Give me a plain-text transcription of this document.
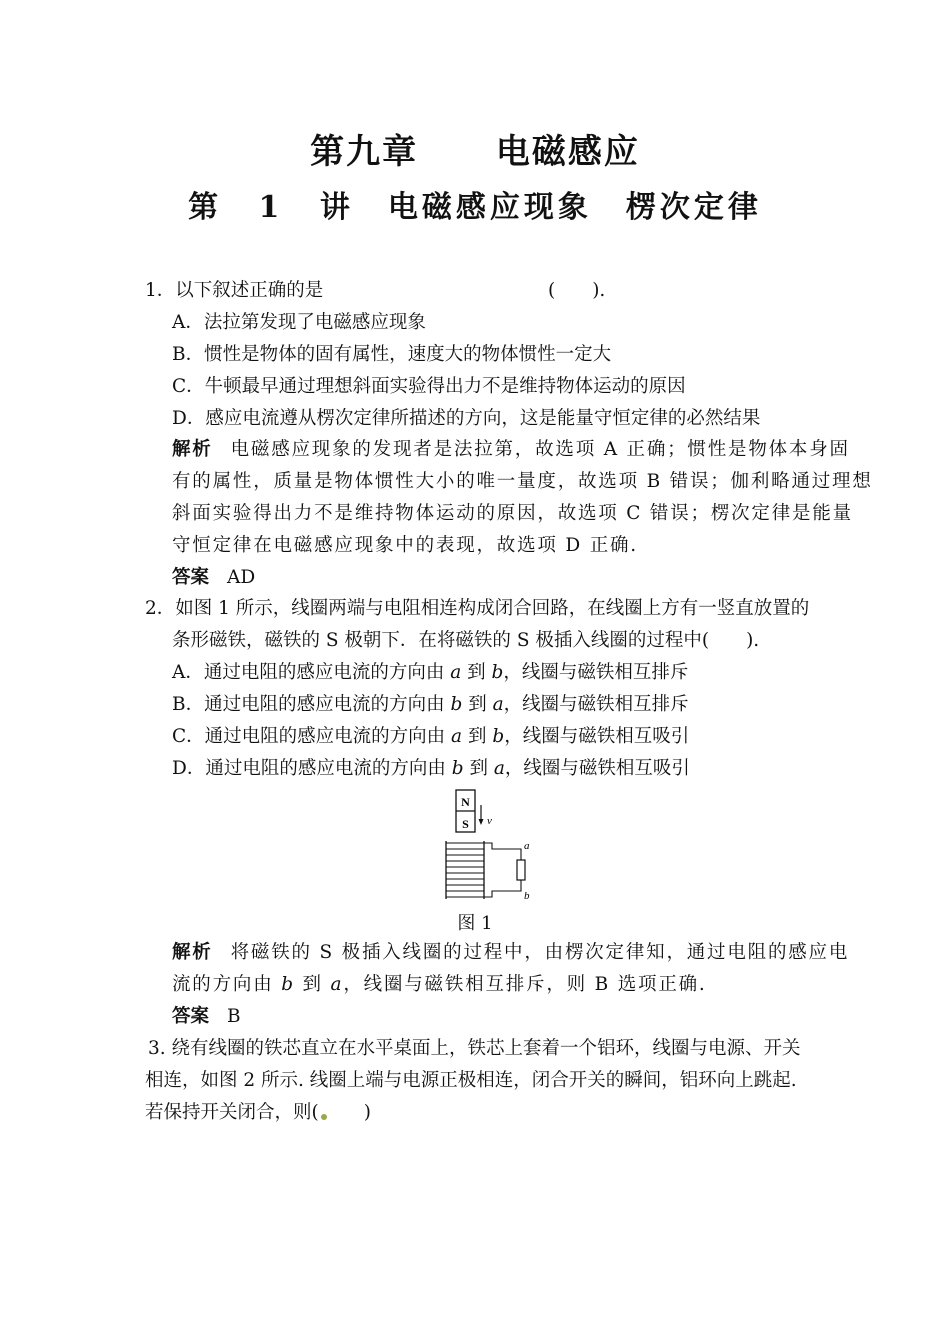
第九章　 电磁感应
第 1 讲　电磁感应现象　楞次定律
1．以下叙述正确的是	(　　).
A．法拉第发现了电磁感应现象
B．惯性是物体的固有属性，速度大的物体惯性一定大
C．牛顿最早通过理想斜面实验得出力不是维持物体运动的原因
D．感应电流遵从楞次定律所描述的方向，这是能量守恒定律的必然结果
解析 电磁感应现象的发现者是法拉第，故选项 A 正确；惯性是物体本身固
有的属性，质量是物体惯性大小的唯一量度，故选项 B 错误；伽利略通过理想
斜面实验得出力不是维持物体运动的原因，故选项 C 错误；楞次定律是能量
守恒定律在电磁感应现象中的表现，故选项 D 正确.
答案 AD
2．如图 1 所示，线圈两端与电阻相连构成闭合回路，在线圈上方有一竖直放置的
条形磁铁，磁铁的 S 极朝下．在将磁铁的 S 极插入线圈的过程中(　　).
A．通过电阻的感应电流的方向由 a 到 b，线圈与磁铁相互排斥
B．通过电阻的感应电流的方向由 b 到 a，线圈与磁铁相互排斥
C．通过电阻的感应电流的方向由 a 到 b，线圈与磁铁相互吸引
D．通过电阻的感应电流的方向由 b 到 a，线圈与磁铁相互吸引
N
S v
a
b
图 1
解析 将磁铁的 S 极插入线圈的过程中，由楞次定律知，通过电阻的感应电
流的方向由 b 到 a，线圈与磁铁相互排斥，则 B 选项正确.
答案 B
3. 绕有线圈的铁芯直立在水平桌面上，铁芯上套着一个铝环，线圈与电源、开关
相连，如图 2 所示. 线圈上端与电源正极相连，闭合开关的瞬间，铝环向上跳起.
若保持开关闭合，则(　　)
